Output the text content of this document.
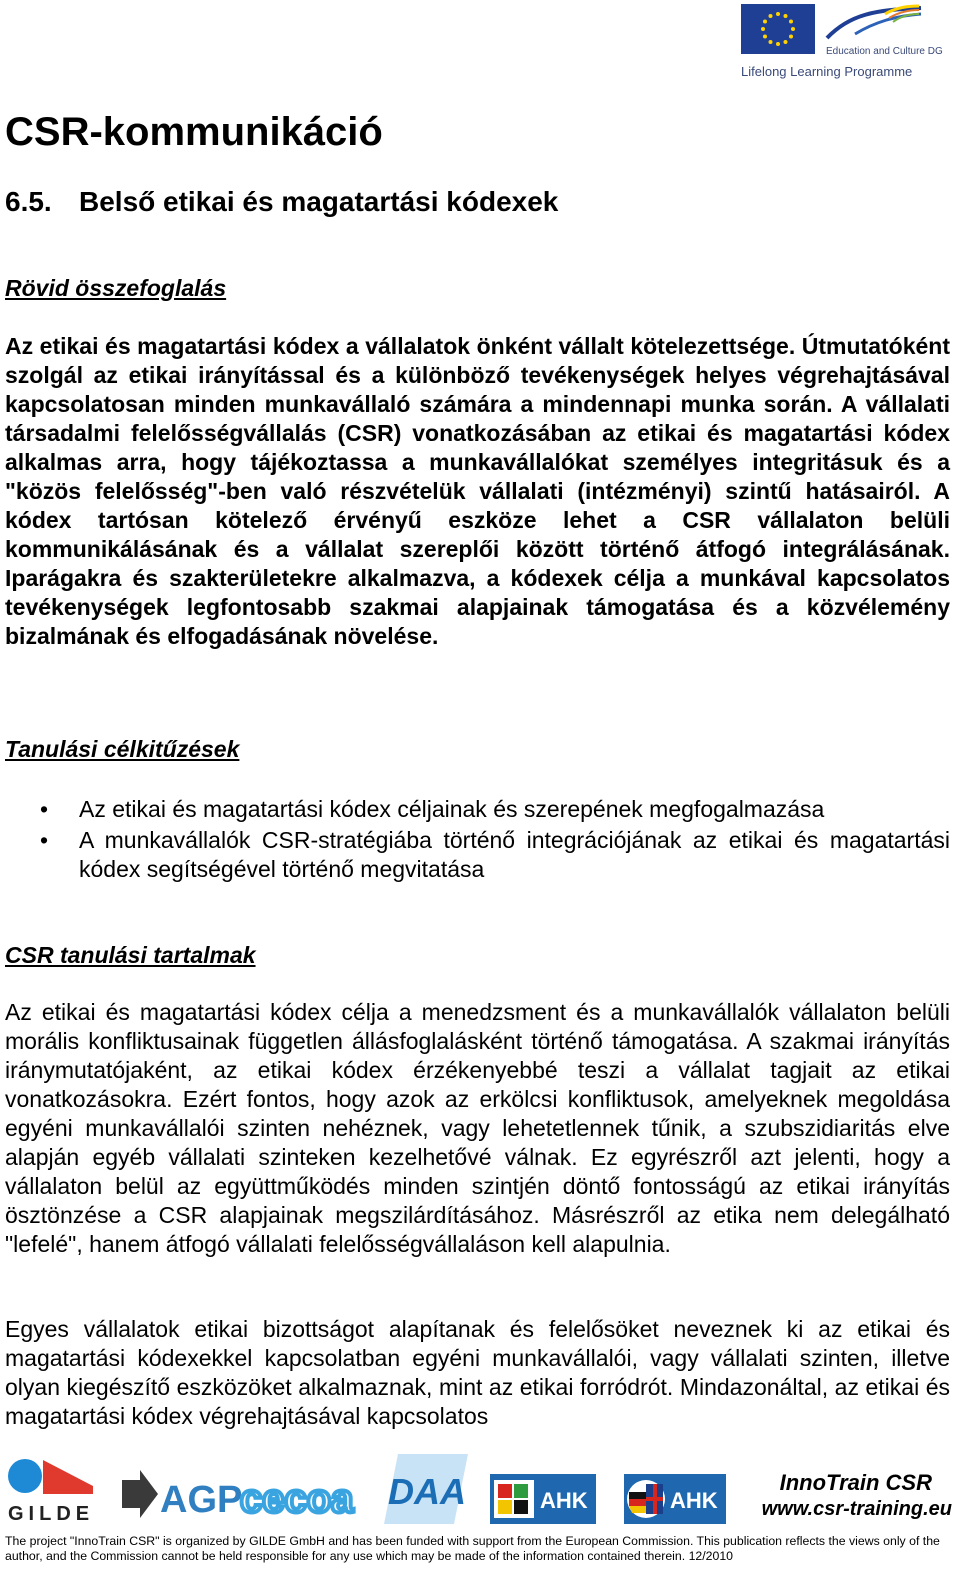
Education and Culture DG
Lifelong Learning Programme
CSR-kommunikáció
6.5. Belső etikai és magatartási kódexek
Rövid összefoglalás

Az etikai és magatartási kódex a vállalatok önként vállalt kötelezettsége. Útmutatóként szolgál az etikai irányítással és a különböző tevékenységek helyes végrehajtásával kapcsolatosan minden munkavállaló számára a mindennapi munka során. A vállalati társadalmi felelősségvállalás (CSR) vonatkozásában az etikai és magatartási kódex alkalmas arra, hogy tájékoztassa a munkavállalókat személyes integritásuk és a "közös felelősség"-ben való részvételük vállalati (intézményi) szintű hatásairól. A kódex tartósan kötelező érvényű eszköze lehet a CSR vállalaton belüli kommunikálásának és a vállalat szereplői között történő átfogó integrálásának. Iparágakra és szakterületekre alkalmazva, a kódexek célja a munkával kapcsolatos tevékenységek legfontosabb szakmai alapjainak támogatása és a közvélemény bizalmának és elfogadásának növelése.

Tanulási célkitűzések
• Az etikai és magatartási kódex céljainak és szerepének megfogalmazása
• A munkavállalók CSR-stratégiába történő integrációjának az etikai és magatartási kódex segítségével történő megvitatása
CSR tanulási tartalmak

Az etikai és magatartási kódex célja a menedzsment és a munkavállalók vállalaton belüli morális konfliktusainak független állásfoglalásként történő támogatása. A szakmai irányítás iránymutatójaként, az etikai kódex érzékenyebbé teszi a vállalat tagjait az etikai vonatkozásokra. Ezért fontos, hogy azok az erkölcsi konfliktusok, amelyeknek megoldása egyéni munkavállalói szinten nehéznek, vagy lehetetlennek tűnik, a szubszidiaritás elve alapján egyéb vállalati szinteken kezelhetővé válnak. Ez egyrészről azt jelenti, hogy a vállalaton belül az együttműködés minden szintjén döntő fontosságú az etikai irányítás ösztönzése a CSR alapjainak megszilárdításához. Másrészről az etika nem delegálható "lefelé", hanem átfogó vállalati felelősségvállaláson kell alapulnia.

Egyes vállalatok etikai bizottságot alapítanak és felelősöket neveznek ki az etikai és magatartási kódexekkel kapcsolatban egyéni munkavállalói, vagy vállalati szinten, illetve olyan kiegészítő eszközöket alkalmaznak, mint az etikai forródrót. Mindazonáltal, az etikai és magatartási kódex végrehajtásával kapcsolatos

GILDE AGP
cecoa DAA	AHK	AHK
InnoTrain CSR
www.csr-training.eu

The project "InnoTrain CSR" is organized by GILDE GmbH and has been funded with support from the European Commission. This publication reflects the views only of the author, and the Commission cannot be held responsible for any use which may be made of the information contained therein. 12/2010
